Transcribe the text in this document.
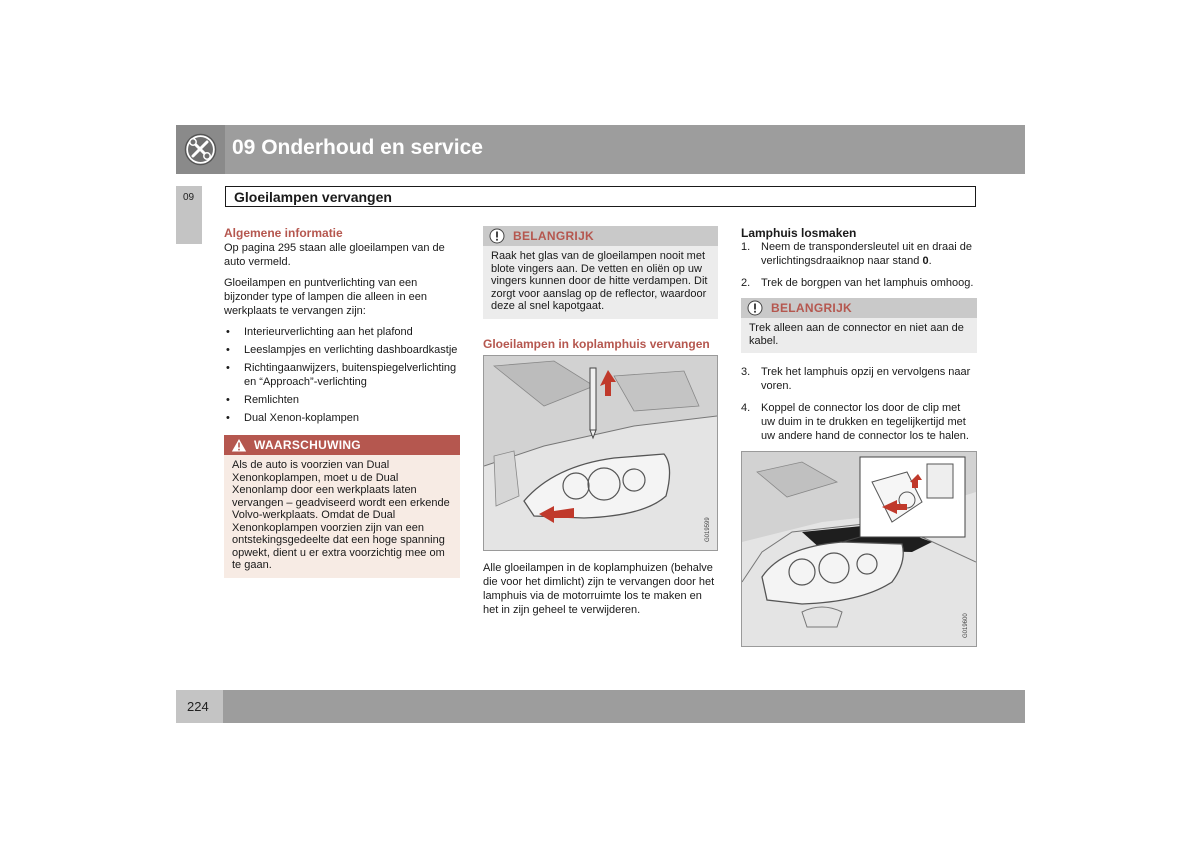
09 Onderhoud en service
09	Gloeilampen vervangen
Algemene informatie

Op pagina 295 staan alle gloeilampen van de auto vermeld.

Gloeilampen en puntverlichting van een bijzonder type of lampen die alleen in een werkplaats te vervangen zijn:

• Interieurverlichting aan het plafond
• Leeslampjes en verlichting dashboardkastje
• Richtingaanwijzers, buitenspiegelverlichting en “Approach”-verlichting
• Remlichten
• Dual Xenon-koplampen
WAARSCHUWING
Als de auto is voorzien van Dual Xenonkoplampen, moet u de Dual Xenonlamp door een werkplaats laten vervangen – geadviseerd wordt een erkende Volvo-werkplaats. Omdat de Dual Xenonkoplampen voorzien zijn van een ontstekingsgedeelte dat een hoge spanning opwekt, dient u er extra voorzichtig mee om te gaan.
BELANGRIJK
Raak het glas van de gloeilampen nooit met blote vingers aan. De vetten en oliën op uw vingers kunnen door de hitte verdampen. Dit zorgt voor aanslag op de reflector, waardoor deze al snel kapotgaat.
Gloeilampen in koplamphuis vervangen
G019599
Alle gloeilampen in de koplamphuizen (behalve die voor het dimlicht) zijn te vervangen door het lamphuis via de motorruimte los te maken en het in zijn geheel te verwijderen.
Lamphuis losmaken
1. Neem de transpondersleutel uit en draai de verlichtingsdraaiknop naar stand 0.
2. Trek de borgpen van het lamphuis omhoog.
BELANGRIJK
Trek alleen aan de connector en niet aan de kabel.
3. Trek het lamphuis opzij en vervolgens naar voren.
4. Koppel de connector los door de clip met uw duim in te drukken en tegelijkertijd met uw andere hand de connector los te halen.
G019600
224
